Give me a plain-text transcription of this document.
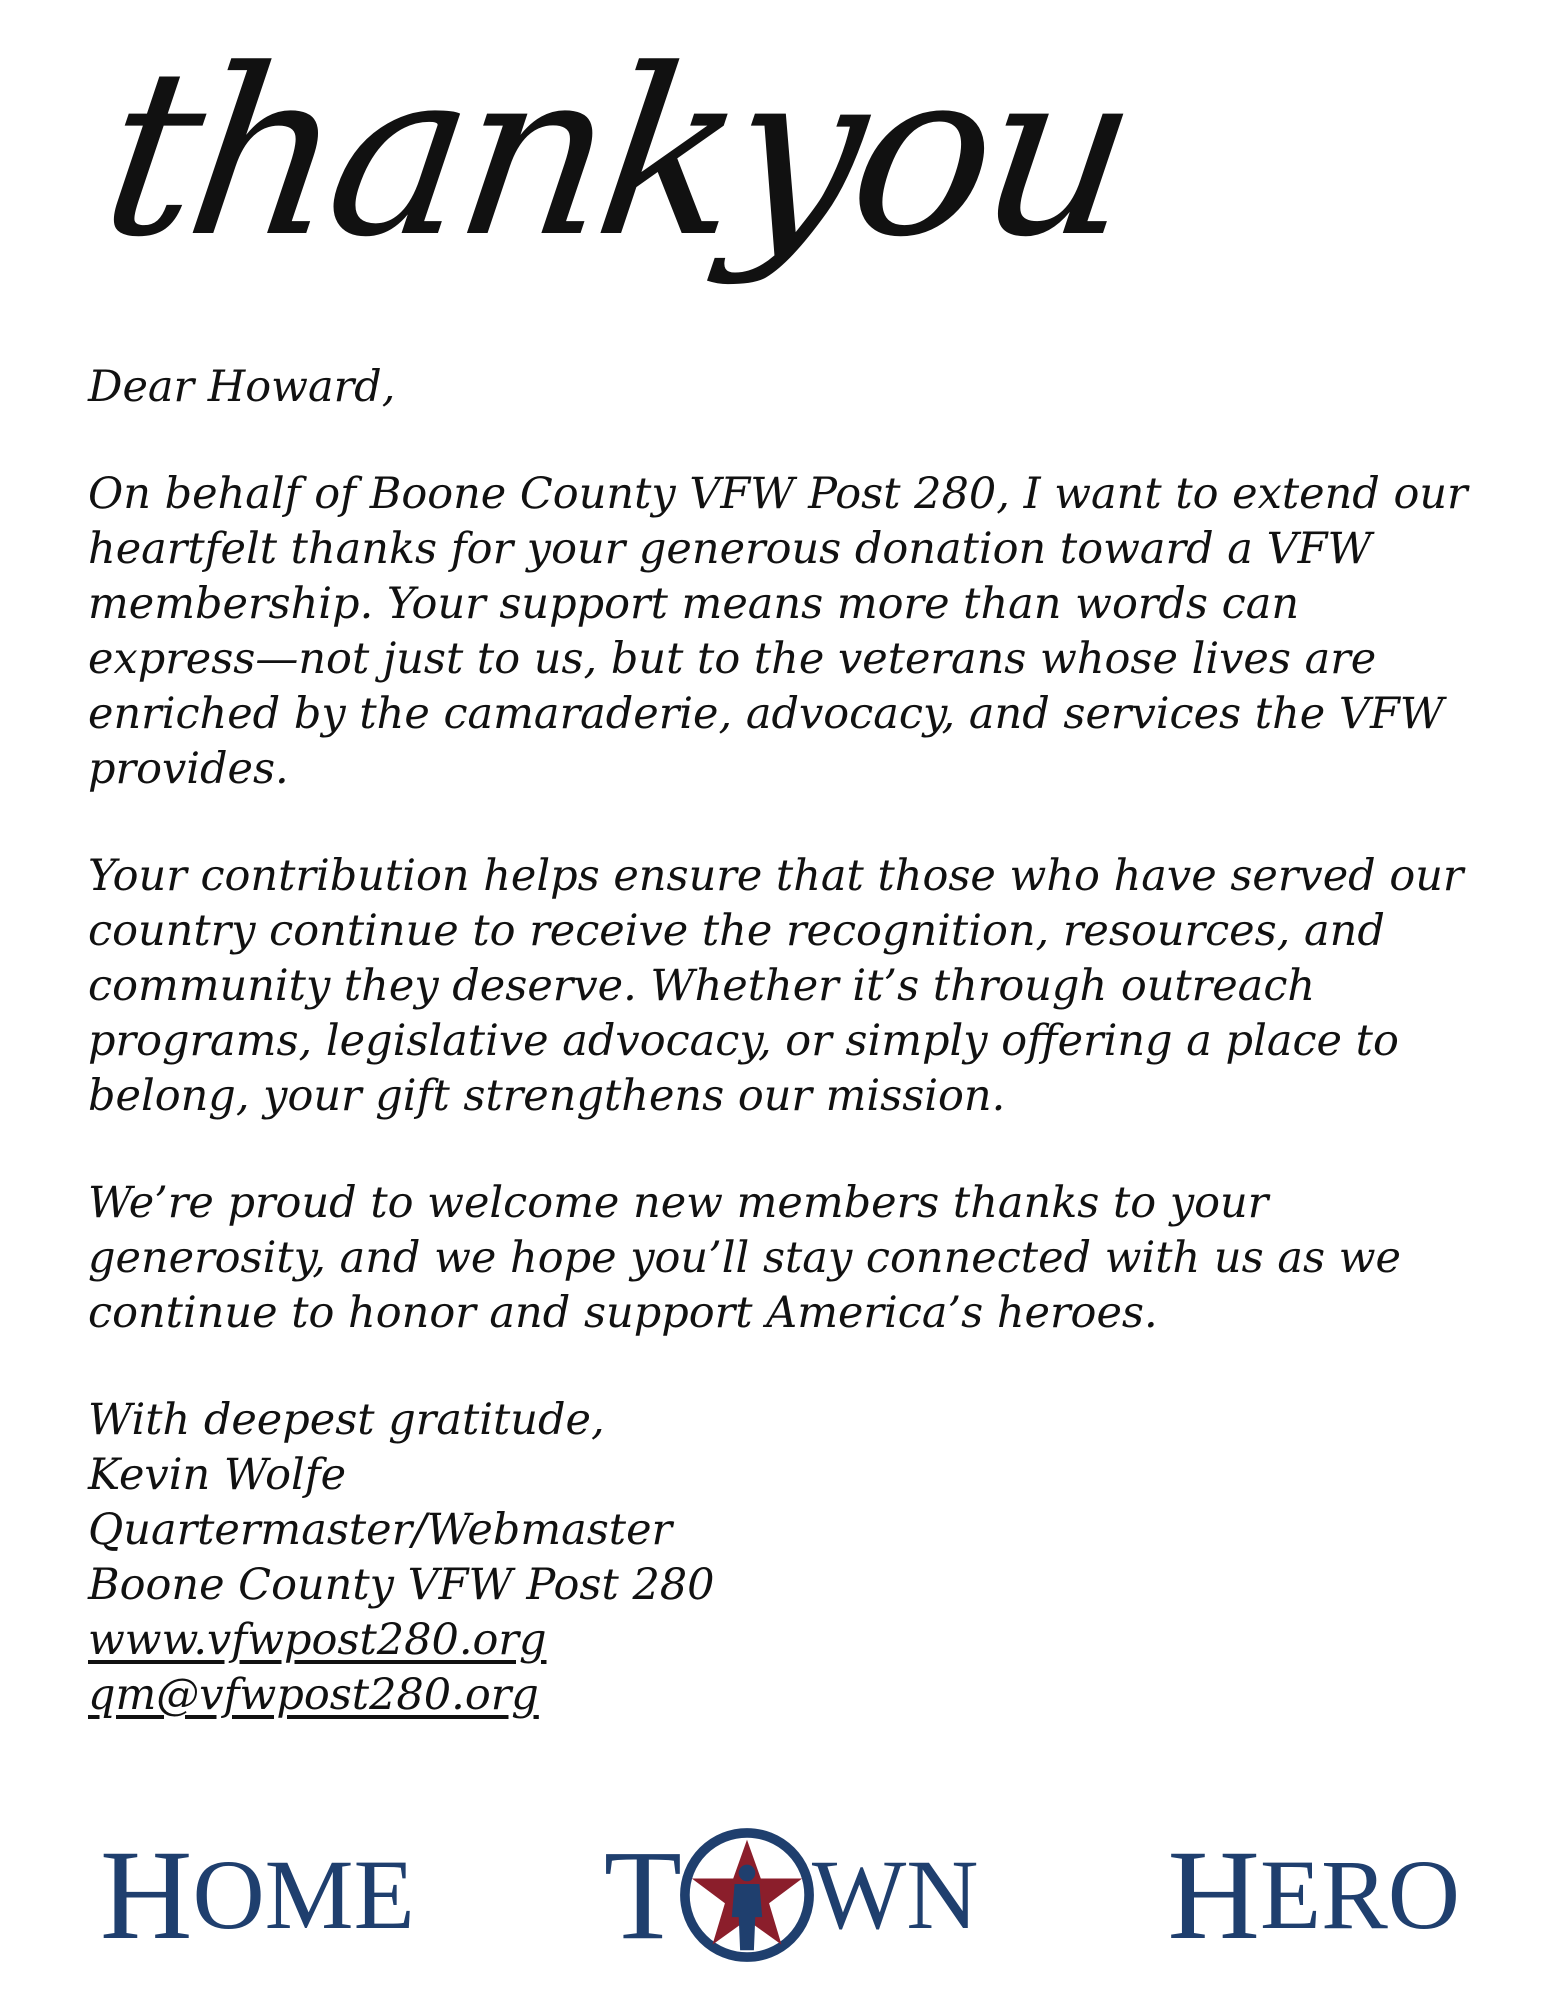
thankyou

Dear Howard,

On behalf of Boone County VFW Post 280, I want to extend our heartfelt thanks for your generous donation toward a VFW membership. Your support means more than words can express—not just to us, but to the veterans whose lives are enriched by the camaraderie, advocacy, and services the VFW provides.

Your contribution helps ensure that those who have served our country continue to receive the recognition, resources, and community they deserve. Whether it’s through outreach programs, legislative advocacy, or simply offering a place to belong, your gift strengthens our mission.

We’re proud to welcome new members thanks to your generosity, and we hope you’ll stay connected with us as we continue to honor and support America’s heroes.

With deepest gratitude,
Kevin Wolfe
Quartermaster/Webmaster
Boone County VFW Post 280
www.vfwpost280.org
qm@vfwpost280.org
H OME T WN H ERO
